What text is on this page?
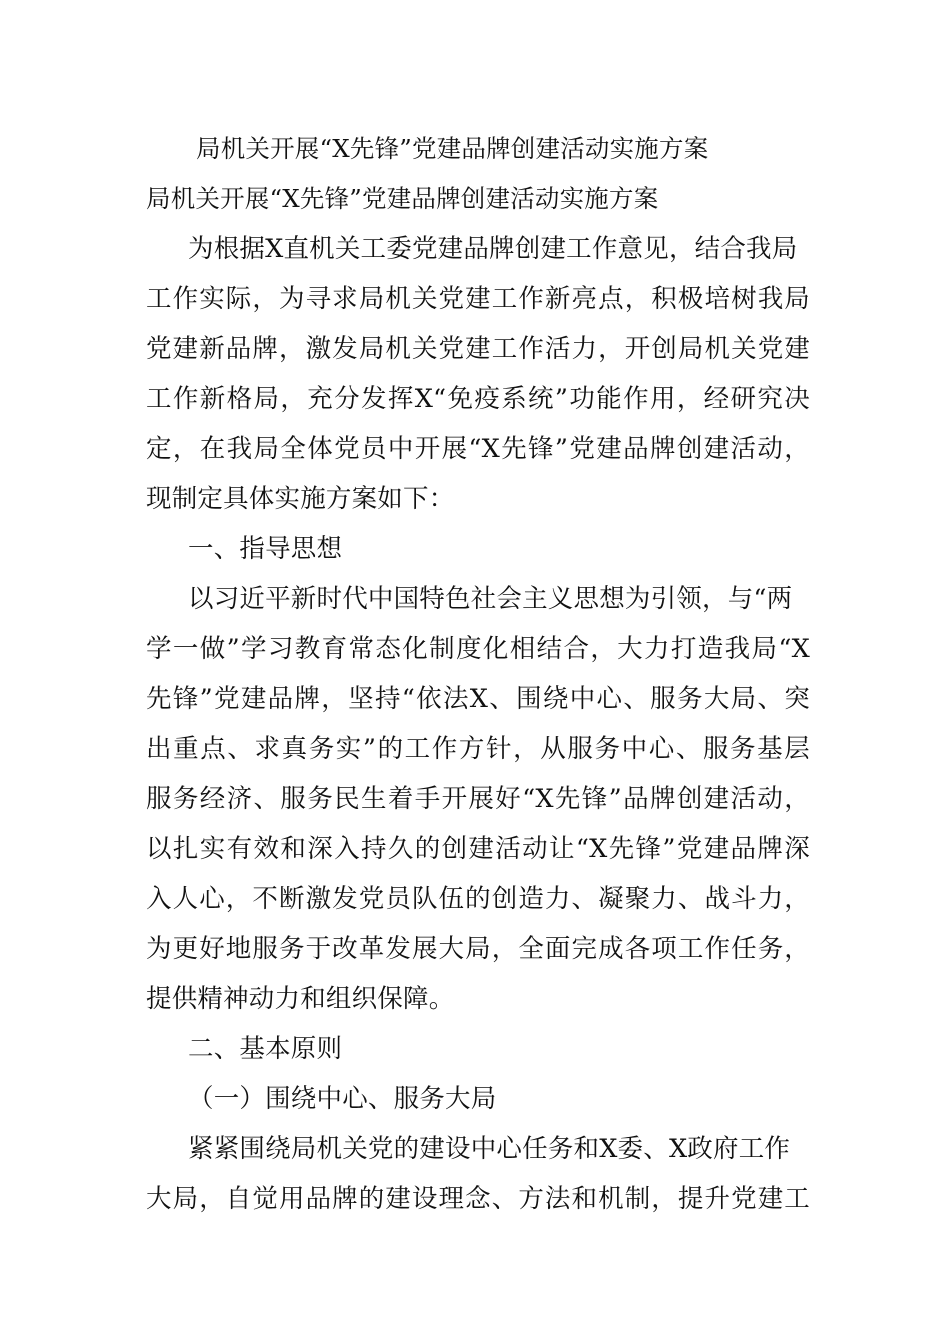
局机关开展“X先锋”党建品牌创建活动实施方案
局机关开展“X先锋”党建品牌创建活动实施方案
为根据X直机关工委党建品牌创建工作意见，结合我局
工作实际，为寻求局机关党建工作新亮点，积极培树我局
党建新品牌，激发局机关党建工作活力，开创局机关党建
工作新格局，充分发挥X“免疫系统”功能作用，经研究决
定，在我局全体党员中开展“X先锋”党建品牌创建活动，
现制定具体实施方案如下：
一、指导思想
以习近平新时代中国特色社会主义思想为引领，与“两
学一做”学习教育常态化制度化相结合，大力打造我局“X
先锋”党建品牌，坚持“依法X、围绕中心、服务大局、突
出重点、求真务实”的工作方针，从服务中心、服务基层
服务经济、服务民生着手开展好“X先锋”品牌创建活动，
以扎实有效和深入持久的创建活动让“X先锋”党建品牌深
入人心，不断激发党员队伍的创造力、凝聚力、战斗力，
为更好地服务于改革发展大局，全面完成各项工作任务，
提供精神动力和组织保障。
二、基本原则
（一）围绕中心、服务大局
紧紧围绕局机关党的建设中心任务和X委、X政府工作
大局，自觉用品牌的建设理念、方法和机制，提升党建工
